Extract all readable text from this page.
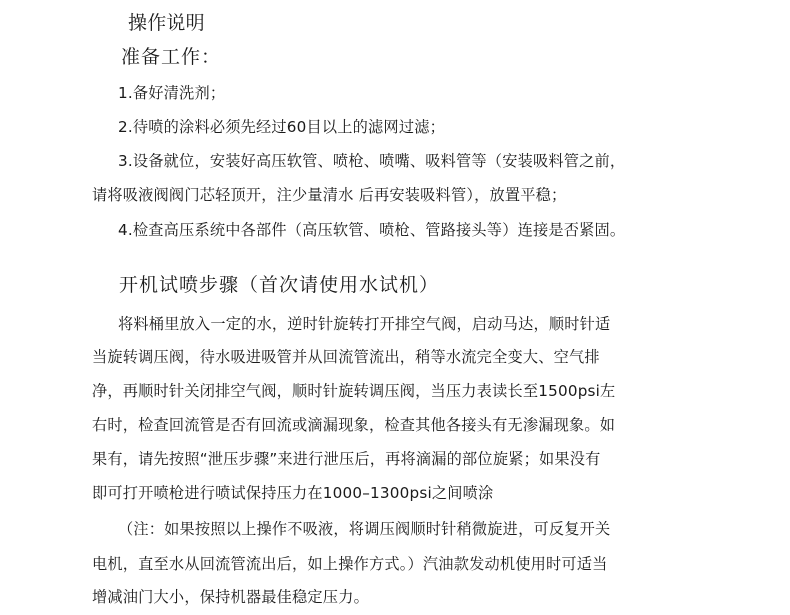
操作说明
准备工作：
1.备好清洗剂；
2.待喷的涂料必须先经过60目以上的滤网过滤；
3.设备就位，安装好高压软管、喷枪、喷嘴、吸料管等（安装吸料管之前，
请将吸液阀阀门芯轻顶开，注少量清水 后再安装吸料管），放置平稳；
4.检查高压系统中各部件（高压软管、喷枪、管路接头等）连接是否紧固。
开机试喷步骤（首次请使用水试机）
将料桶里放入一定的水，逆时针旋转打开排空气阀，启动马达，顺时针适
当旋转调压阀，待水吸进吸管并从回流管流出，稍等水流完全变大、空气排
净，再顺时针关闭排空气阀，顺时针旋转调压阀，当压力表读长至1500psi左
右时，检查回流管是否有回流或滴漏现象，检查其他各接头有无渗漏现象。如
果有，请先按照“泄压步骤”来进行泄压后，再将滴漏的部位旋紧；如果没有
即可打开喷枪进行喷试保持压力在1000–1300psi之间喷涂
（注：如果按照以上操作不吸液，将调压阀顺时针稍微旋进，可反复开关
电机，直至水从回流管流出后，如上操作方式。）汽油款发动机使用时可适当
增减油门大小，保持机器最佳稳定压力。
